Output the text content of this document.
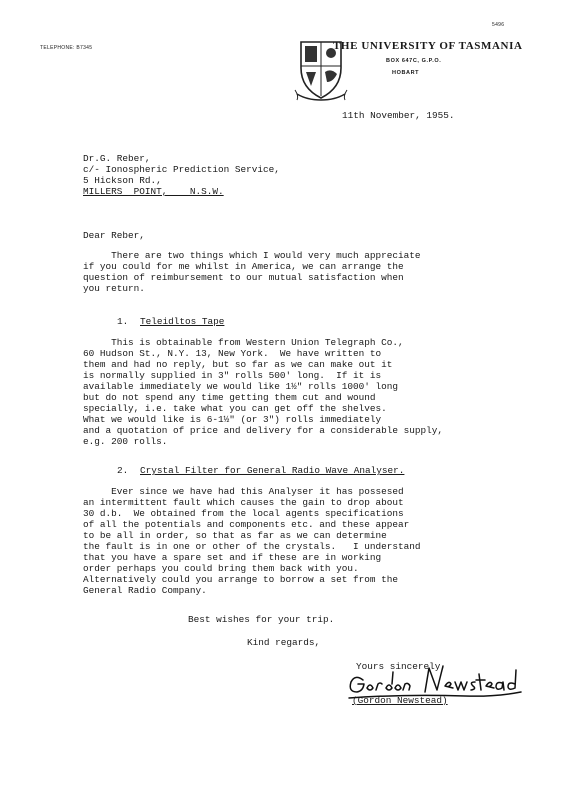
TELEPHONE: B7345
5496

THE UNIVERSITY OF TASMANIA
BOX 647C, G.P.O.
HOBART
11th November, 1955.
Dr.G. Reber,
c/- Ionospheric Prediction Service,
5 Hickson Rd.,
MILLERS  POINT,    N.S.W.
Dear Reber,
There are two things which I would very much appreciate
if you could for me whilst in America, we can arrange the
question of reimbursement to our mutual satisfaction when
you return.
1. Teleidltos Tape
This is obtainable from Western Union Telegraph Co.,
60 Hudson St., N.Y. 13, New York.  We have written to
them and had no reply, but so far as we can make out it
is normally supplied in 3" rolls 500' long.  If it is
available immediately we would like 1½" rolls 1000' long
but do not spend any time getting them cut and wound
specially, i.e. take what you can get off the shelves.
What we would like is 6-1½" (or 3") rolls immediately
and a quotation of price and delivery for a considerable supply,
e.g. 200 rolls.
2. Crystal Filter for General Radio Wave Analyser.
Ever since we have had this Analyser it has possesed
an intermittent fault which causes the gain to drop about
30 d.b.  We obtained from the local agents specifications
of all the potentials and components etc. and these appear
to be all in order, so that as far as we can determine
the fault is in one or other of the crystals.   I understand
that you have a spare set and if these are in working
order perhaps you could bring them back with you.
Alternatively could you arrange to borrow a set from the
General Radio Company.
Best wishes for your trip.
Kind regards,
Yours sincerely,
(Gordon Newstead)
